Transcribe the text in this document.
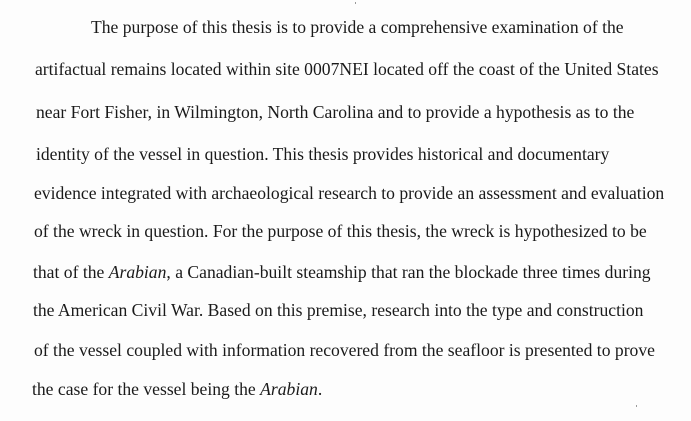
The purpose of this thesis is to provide a comprehensive examination of the
artifactual remains located within site 0007NEI located off the coast of the United States
near Fort Fisher, in Wilmington, North Carolina and to provide a hypothesis as to the
identity of the vessel in question. This thesis provides historical and documentary
evidence integrated with archaeological research to provide an assessment and evaluation
of the wreck in question. For the purpose of this thesis, the wreck is hypothesized to be
that of the Arabian, a Canadian-built steamship that ran the blockade three times during
the American Civil War. Based on this premise, research into the type and construction
of the vessel coupled with information recovered from the seafloor is presented to prove
the case for the vessel being the Arabian.
